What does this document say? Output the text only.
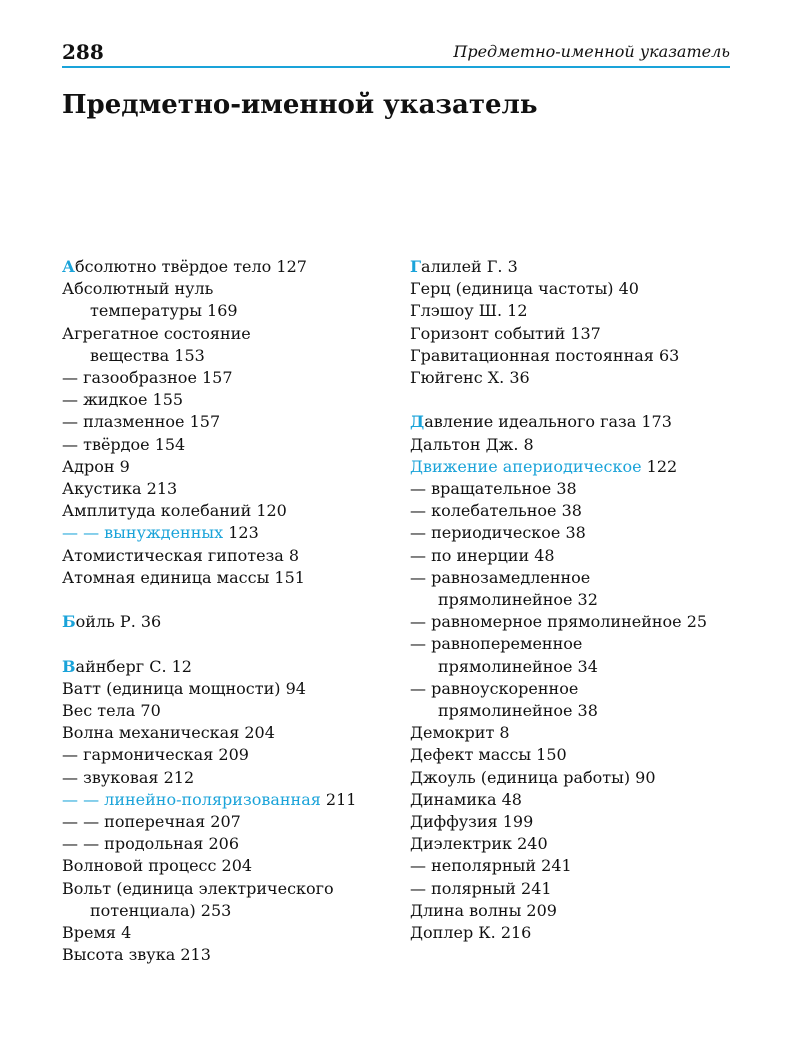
288	Предметно-именной указатель
Предметно-именной указатель
Абсолютно твёрдое тело 127
Абсолютный нуль
температуры 169
Агрегатное состояние
вещества 153
— газообразное 157
— жидкое 155
— плазменное 157
— твёрдое 154
Адрон 9
Акустика 213
Амплитуда колебаний 120
— — вынужденных 123
Атомистическая гипотеза 8
Атомная единица массы 151
Бойль Р. 36
Вайнберг С. 12
Ватт (единица мощности) 94
Вес тела 70
Волна механическая 204
— гармоническая 209
— звуковая 212
— — линейно-поляризованная 211
— — поперечная 207
— — продольная 206
Волновой процесс 204
Вольт (единица электрического
потенциала) 253
Время 4
Высота звука 213
Галилей Г. 3
Герц (единица частоты) 40
Глэшоу Ш. 12
Горизонт событий 137
Гравитационная постоянная 63
Гюйгенс Х. 36
Давление идеального газа 173
Дальтон Дж. 8
Движение апериодическое 122
— вращательное 38
— колебательное 38
— периодическое 38
— по инерции 48
— равнозамедленное
прямолинейное 32
— равномерное прямолинейное 25
— равнопеременное
прямолинейное 34
— равноускоренное
прямолинейное 38
Демокрит 8
Дефект массы 150
Джоуль (единица работы) 90
Динамика 48
Диффузия 199
Диэлектрик 240
— неполярный 241
— полярный 241
Длина волны 209
Доплер К. 216
